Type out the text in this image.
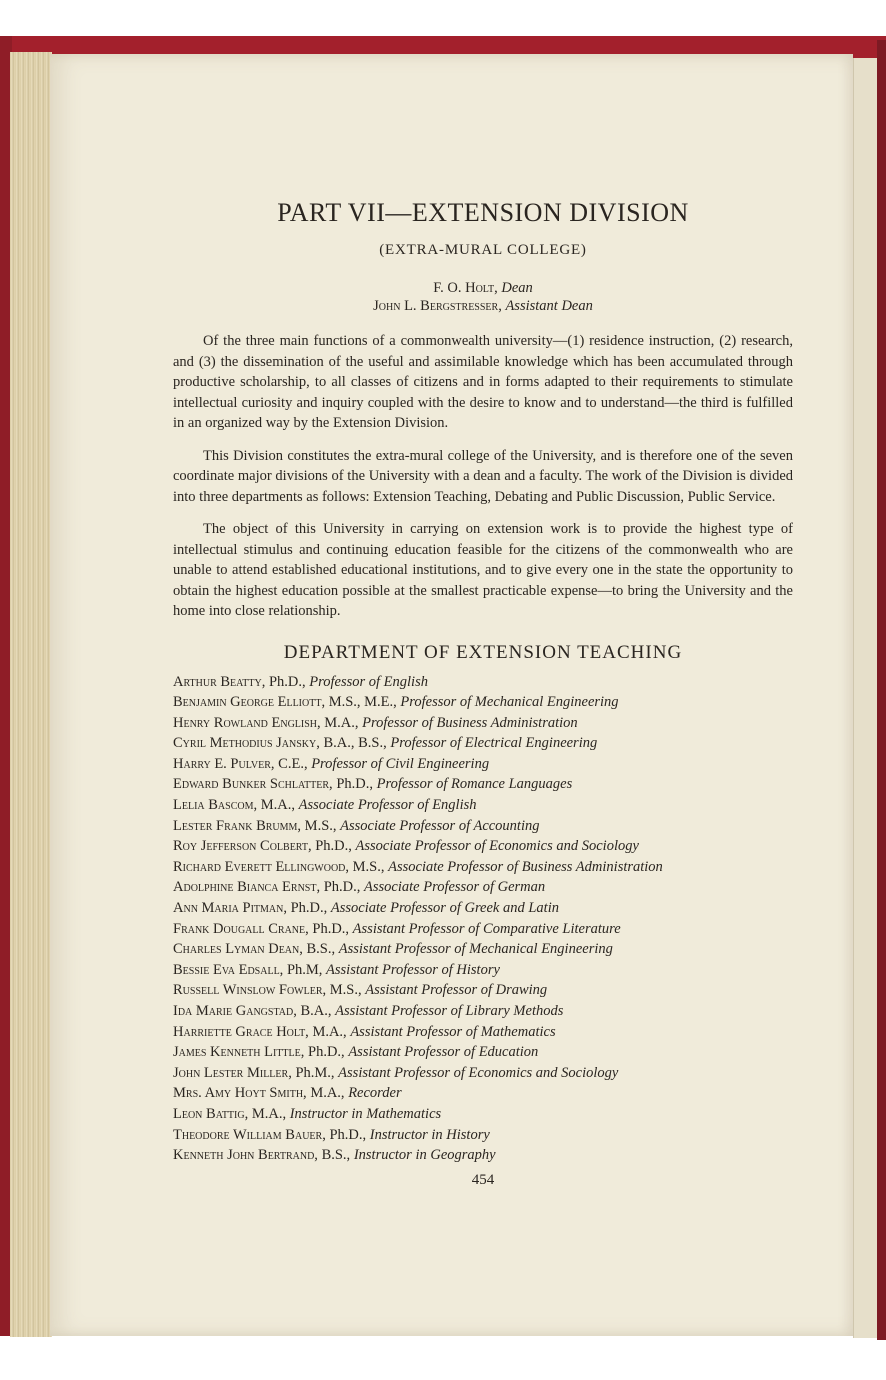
PART VII—EXTENSION DIVISION
(EXTRA-MURAL COLLEGE)
F. O. Holt, Dean
John L. Bergstresser, Assistant Dean

Of the three main functions of a commonwealth university—(1) residence instruction, (2) research, and (3) the dissemination of the useful and assimilable knowledge which has been accumulated through productive scholarship, to all classes of citizens and in forms adapted to their requirements to stimulate intellectual curiosity and inquiry coupled with the desire to know and to understand—the third is fulfilled in an organized way by the Extension Division.

This Division constitutes the extra-mural college of the University, and is therefore one of the seven coordinate major divisions of the University with a dean and a faculty. The work of the Division is divided into three departments as follows: Extension Teaching, Debating and Public Discussion, Public Service.

The object of this University in carrying on extension work is to provide the highest type of intellectual stimulus and continuing education feasible for the citizens of the commonwealth who are unable to attend established educational institutions, and to give every one in the state the opportunity to obtain the highest education possible at the smallest practicable expense—to bring the University and the home into close relationship.

DEPARTMENT OF EXTENSION TEACHING
Arthur Beatty, Ph.D., Professor of English
Benjamin George Elliott, M.S., M.E., Professor of Mechanical Engineering
Henry Rowland English, M.A., Professor of Business Administration
Cyril Methodius Jansky, B.A., B.S., Professor of Electrical Engineering
Harry E. Pulver, C.E., Professor of Civil Engineering
Edward Bunker Schlatter, Ph.D., Professor of Romance Languages
Lelia Bascom, M.A., Associate Professor of English
Lester Frank Brumm, M.S., Associate Professor of Accounting
Roy Jefferson Colbert, Ph.D., Associate Professor of Economics and Sociology
Richard Everett Ellingwood, M.S., Associate Professor of Business Administration
Adolphine Bianca Ernst, Ph.D., Associate Professor of German
Ann Maria Pitman, Ph.D., Associate Professor of Greek and Latin
Frank Dougall Crane, Ph.D., Assistant Professor of Comparative Literature
Charles Lyman Dean, B.S., Assistant Professor of Mechanical Engineering
Bessie Eva Edsall, Ph.M, Assistant Professor of History
Russell Winslow Fowler, M.S., Assistant Professor of Drawing
Ida Marie Gangstad, B.A., Assistant Professor of Library Methods
Harriette Grace Holt, M.A., Assistant Professor of Mathematics
James Kenneth Little, Ph.D., Assistant Professor of Education
John Lester Miller, Ph.M., Assistant Professor of Economics and Sociology
Mrs. Amy Hoyt Smith, M.A., Recorder
Leon Battig, M.A., Instructor in Mathematics
Theodore William Bauer, Ph.D., Instructor in History
Kenneth John Bertrand, B.S., Instructor in Geography
454
